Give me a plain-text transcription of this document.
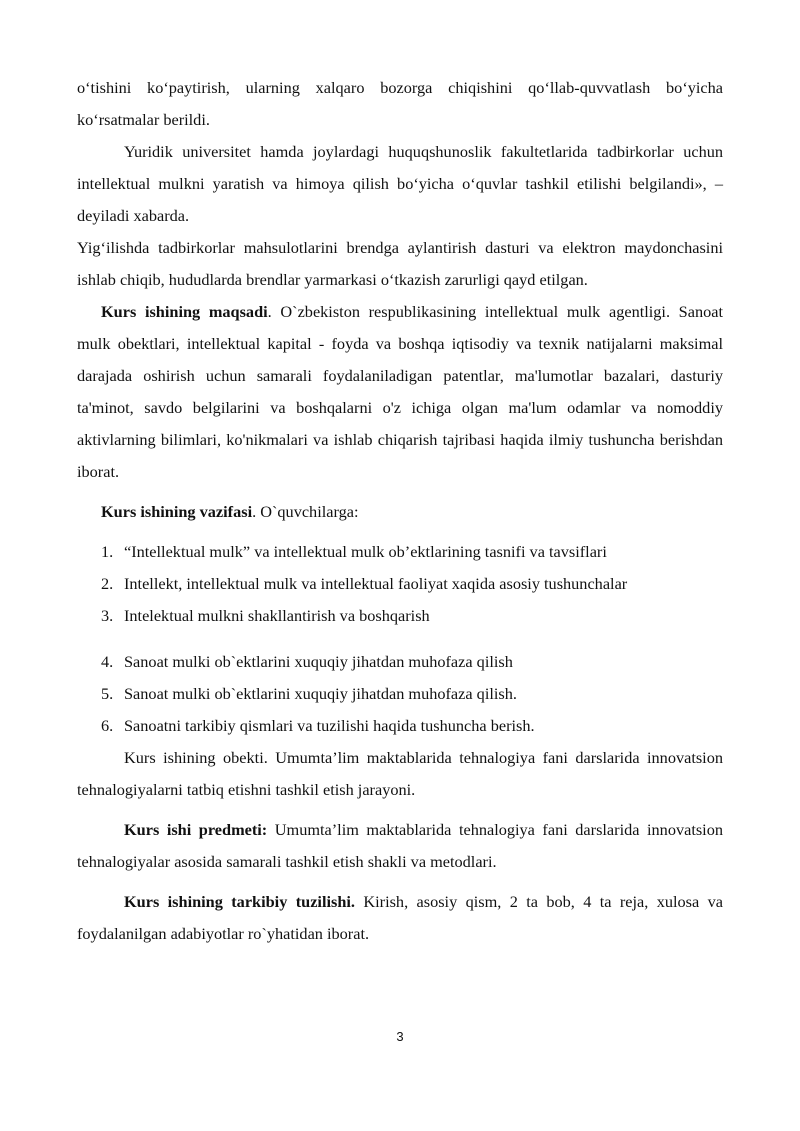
o‘tishini ko‘paytirish, ularning xalqaro bozorga chiqishini qo‘llab-quvvatlash bo‘yicha ko‘rsatmalar berildi.

Yuridik universitet hamda joylardagi huquqshunoslik fakultetlarida tadbirkorlar uchun intellektual mulkni yaratish va himoya qilish bo‘yicha o‘quvlar tashkil etilishi belgilandi», – deyiladi xabarda.

Yig‘ilishda tadbirkorlar mahsulotlarini brendga aylantirish dasturi va elektron maydonchasini ishlab chiqib, hududlarda brendlar yarmarkasi o‘tkazish zarurligi qayd etilgan.

Kurs ishining maqsadi. O`zbekiston respublikasining intellektual mulk agentligi. Sanoat mulk obektlari, intellektual kapital - foyda va boshqa iqtisodiy va texnik natijalarni maksimal darajada oshirish uchun samarali foydalaniladigan patentlar, ma'lumotlar bazalari, dasturiy ta'minot, savdo belgilarini va boshqalarni o'z ichiga olgan ma'lum odamlar va nomoddiy aktivlarning bilimlari, ko'nikmalari va ishlab chiqarish tajribasi haqida ilmiy tushuncha berishdan iborat.

Kurs ishining vazifasi. O`quvchilarga:

1. “Intellektual mulk” va intellektual mulk ob’ektlarining tasnifi va tavsiflari
2. Intellekt, intellektual mulk va intellektual faoliyat xaqida asosiy tushunchalar
3. Intelektual mulkni shakllantirish va boshqarish
4. Sanoat mulki ob`ektlarini xuquqiy jihatdan muhofaza qilish
5. Sanoat mulki ob`ektlarini xuquqiy jihatdan muhofaza qilish.
6. Sanoatni tarkibiy qismlari va tuzilishi haqida tushuncha berish.

Kurs ishining obekti. Umumta’lim maktablarida tehnalogiya fani darslarida innovatsion tehnalogiyalarni tatbiq etishni tashkil etish jarayoni.

Kurs ishi predmeti: Umumta’lim maktablarida tehnalogiya fani darslarida innovatsion tehnalogiyalar asosida samarali tashkil etish shakli va metodlari.

Kurs ishining tarkibiy tuzilishi. Kirish, asosiy qism, 2 ta bob, 4 ta reja, xulosa va foydalanilgan adabiyotlar ro`yhatidan iborat.

3
